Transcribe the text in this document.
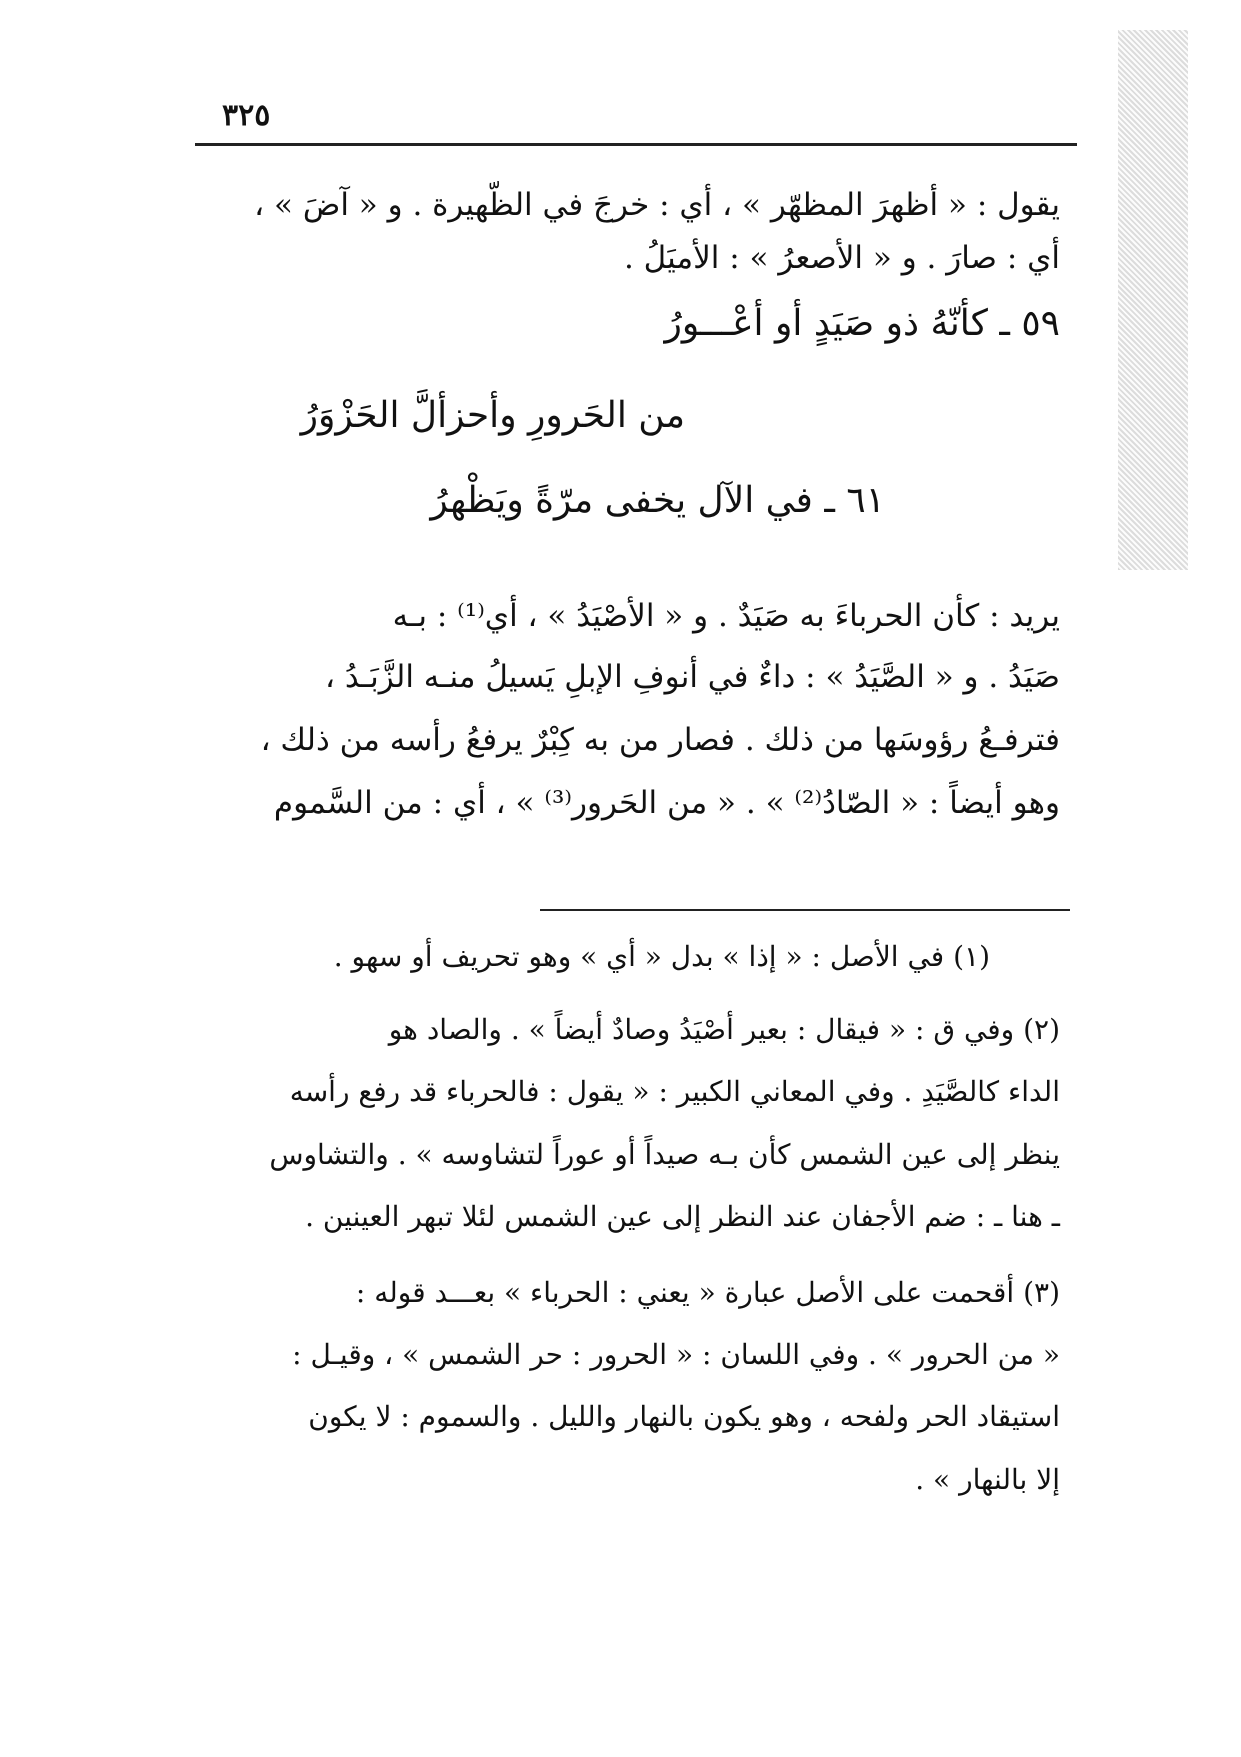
٣٢٥

يقول : « أظهرَ المظهّر » ، أي : خرجَ في الظّهيرة . و « آضَ » ،

أي : صارَ . و « الأصعرُ » : الأميَلُ .

٥٩ ـ كأنّهُ ذو صَيَدٍ أو أعْـــورُ

من الحَرورِ وأحزألَّ الحَزْوَرُ

٦١ ـ في الآل يخفى مرّةً ويَظْهرُ

يريد : كأن الحرباءَ به صَيَدٌ . و « الأصْيَدُ » ، أي⁽¹⁾ : بـه

صَيَدُ . و « الصَّيَدُ » : داءٌ في أنوفِ الإبلِ يَسيلُ منـه الزَّبَـدُ ،

فترفـعُ رؤوسَها من ذلك . فصار من به كِبْرٌ يرفعُ رأسه من ذلك ،

وهو أيضاً : « الصّادُ⁽²⁾ » . « من الحَرور⁽³⁾ » ، أي : من السَّموم

(١) في الأصل : « إذا » بدل « أي » وهو تحريف أو سهو .

(٢) وفي ق : « فيقال : بعير أصْيَدُ وصادٌ أيضاً » . والصاد هو

الداء كالصَّيَدِ . وفي المعاني الكبير : « يقول : فالحرباء قد رفع رأسه

ينظر إلى عين الشمس كأن بـه صيداً أو عوراً لتشاوسه » . والتشاوس

ـ هنا ـ : ضم الأجفان عند النظر إلى عين الشمس لئلا تبهر العينين .

(٣) أقحمت على الأصل عبارة « يعني : الحرباء » بعـــد قوله :

« من الحرور » . وفي اللسان : « الحرور : حر الشمس » ، وقيـل :

استيقاد الحر ولفحه ، وهو يكون بالنهار والليل . والسموم : لا يكون

إلا بالنهار » .
